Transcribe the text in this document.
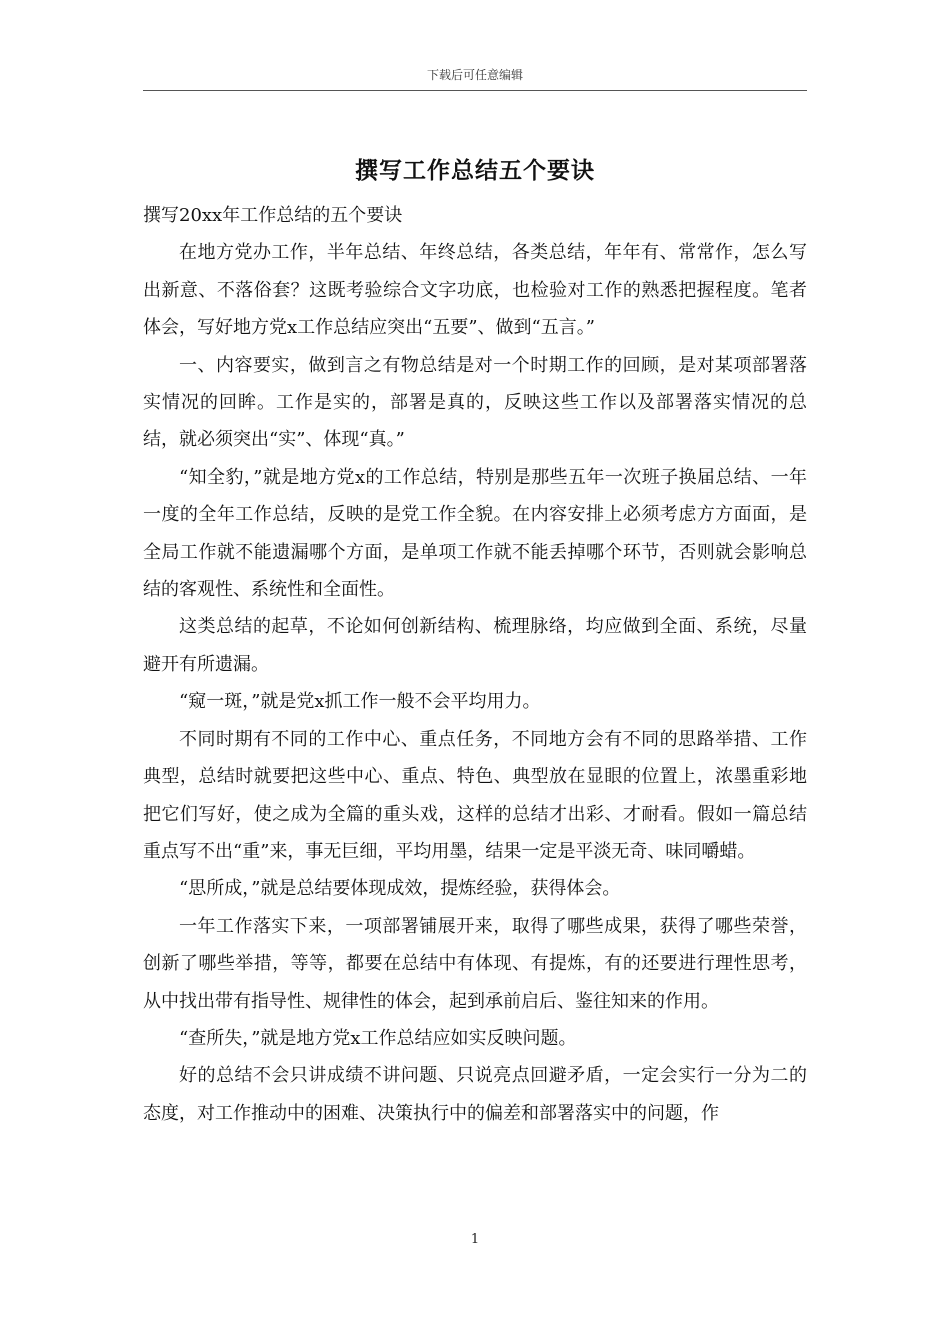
下载后可任意编辑
撰写工作总结五个要诀

撰写20xx年工作总结的五个要诀

在地方党办工作，半年总结、年终总结，各类总结，年年有、常常作，怎么写出新意、不落俗套？这既考验综合文字功底，也检验对工作的熟悉把握程度。笔者体会，写好地方党x工作总结应突出“五要”、做到“五言。”

一、内容要实，做到言之有物总结是对一个时期工作的回顾，是对某项部署落实情况的回眸。工作是实的，部署是真的，反映这些工作以及部署落实情况的总结，就必须突出“实”、体现“真。”

“知全豹，”就是地方党x的工作总结，特别是那些五年一次班子换届总结、一年一度的全年工作总结，反映的是党工作全貌。在内容安排上必须考虑方方面面，是全局工作就不能遗漏哪个方面，是单项工作就不能丢掉哪个环节，否则就会影响总结的客观性、系统性和全面性。

这类总结的起草，不论如何创新结构、梳理脉络，均应做到全面、系统，尽量避开有所遗漏。

“窥一斑，”就是党x抓工作一般不会平均用力。

不同时期有不同的工作中心、重点任务，不同地方会有不同的思路举措、工作典型，总结时就要把这些中心、重点、特色、典型放在显眼的位置上，浓墨重彩地把它们写好，使之成为全篇的重头戏，这样的总结才出彩、才耐看。假如一篇总结重点写不出“重”来，事无巨细，平均用墨，结果一定是平淡无奇、味同嚼蜡。

“思所成，”就是总结要体现成效，提炼经验，获得体会。

一年工作落实下来，一项部署铺展开来，取得了哪些成果，获得了哪些荣誉，创新了哪些举措，等等，都要在总结中有体现、有提炼，有的还要进行理性思考，从中找出带有指导性、规律性的体会，起到承前启后、鉴往知来的作用。

“查所失，”就是地方党x工作总结应如实反映问题。

好的总结不会只讲成绩不讲问题、只说亮点回避矛盾，一定会实行一分为二的态度，对工作推动中的困难、决策执行中的偏差和部署落实中的问题，作

1
